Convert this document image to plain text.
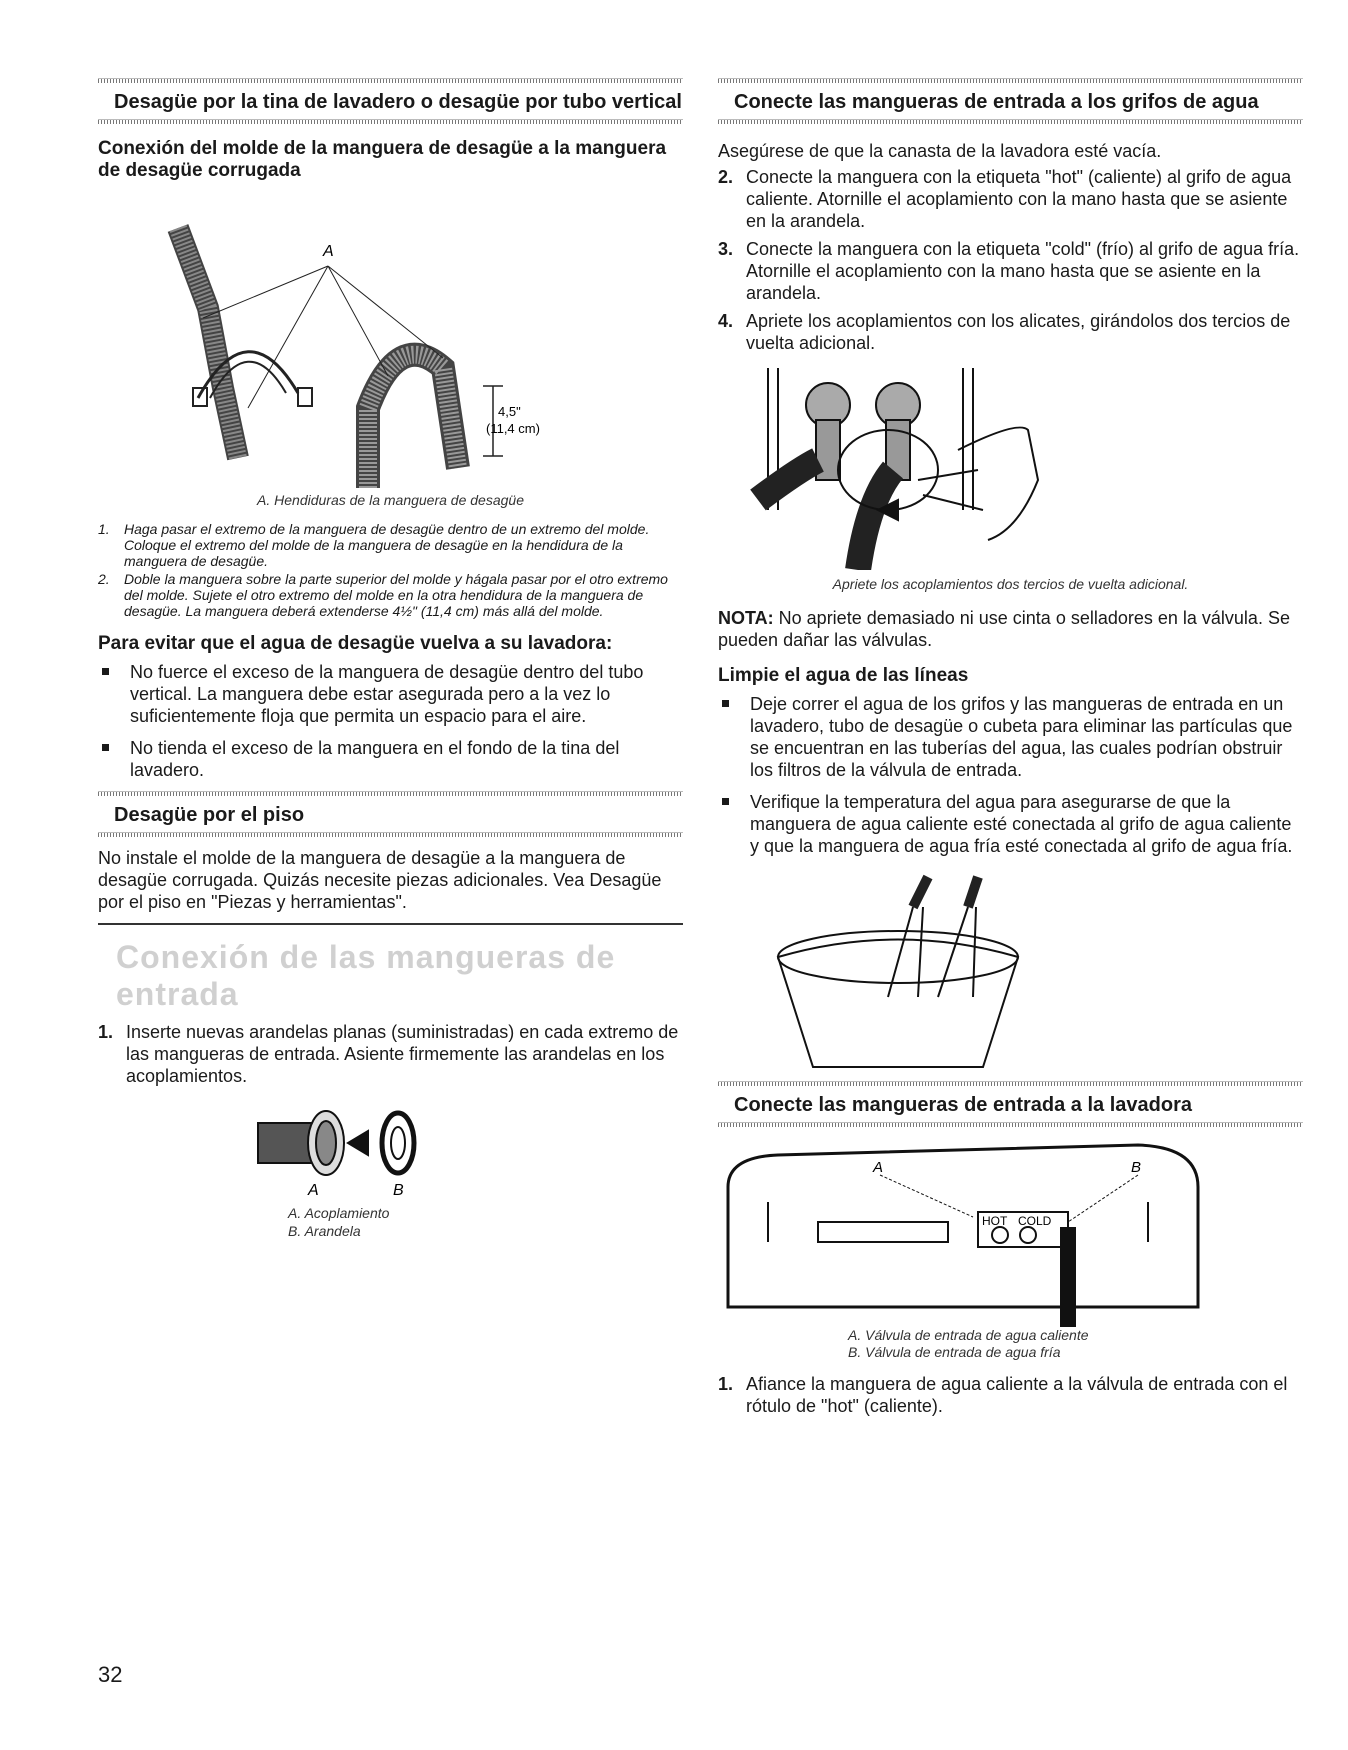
Desagüe por la tina de lavadero o desagüe por tubo vertical
Conexión del molde de la manguera de desagüe a la manguera de desagüe corrugada
A
4,5"
(11,4 cm)
A. Hendiduras de la manguera de desagüe
1. Haga pasar el extremo de la manguera de desagüe dentro de un extremo del molde. Coloque el extremo del molde de la manguera de desagüe en la hendidura de la manguera de desagüe.
2. Doble la manguera sobre la parte superior del molde y hágala pasar por el otro extremo del molde. Sujete el otro extremo del molde en la otra hendidura de la manguera de desagüe. La manguera deberá extenderse 4½" (11,4 cm) más allá del molde.
Para evitar que el agua de desagüe vuelva a su lavadora:
No fuerce el exceso de la manguera de desagüe dentro del tubo vertical. La manguera debe estar asegurada pero a la vez lo suficientemente floja que permita un espacio para el aire.
No tienda el exceso de la manguera en el fondo de la tina del lavadero.
Desagüe por el piso

No instale el molde de la manguera de desagüe a la manguera de desagüe corrugada. Quizás necesite piezas adicionales. Vea Desagüe por el piso en "Piezas y herramientas".

Conexión de las mangueras de entrada
1. Inserte nuevas arandelas planas (suministradas) en cada extremo de las mangueras de entrada. Asiente firmemente las arandelas en los acoplamientos.
A	B
A. Acoplamiento
B. Arandela
Conecte las mangueras de entrada a los grifos de agua

Asegúrese de que la canasta de la lavadora esté vacía.

2. Conecte la manguera con la etiqueta "hot" (caliente) al grifo de agua caliente. Atornille el acoplamiento con la mano hasta que se asiente en la arandela.
3. Conecte la manguera con la etiqueta "cold" (frío) al grifo de agua fría. Atornille el acoplamiento con la mano hasta que se asiente en la arandela.
4. Apriete los acoplamientos con los alicates, girándolos dos tercios de vuelta adicional.
Apriete los acoplamientos dos tercios de vuelta adicional.

NOTA: No apriete demasiado ni use cinta o selladores en la válvula. Se pueden dañar las válvulas.

Limpie el agua de las líneas
Deje correr el agua de los grifos y las mangueras de entrada en un lavadero, tubo de desagüe o cubeta para eliminar las partículas que se encuentran en las tuberías del agua, las cuales podrían obstruir los filtros de la válvula de entrada.
Verifique la temperatura del agua para asegurarse de que la manguera de agua caliente esté conectada al grifo de agua caliente y que la manguera de agua fría esté conectada al grifo de agua fría.
Conecte las mangueras de entrada a la lavadora
A	B
HOT COLD
A. Válvula de entrada de agua caliente
B. Válvula de entrada de agua fría
1. Afiance la manguera de agua caliente a la válvula de entrada con el rótulo de "hot" (caliente).
32
